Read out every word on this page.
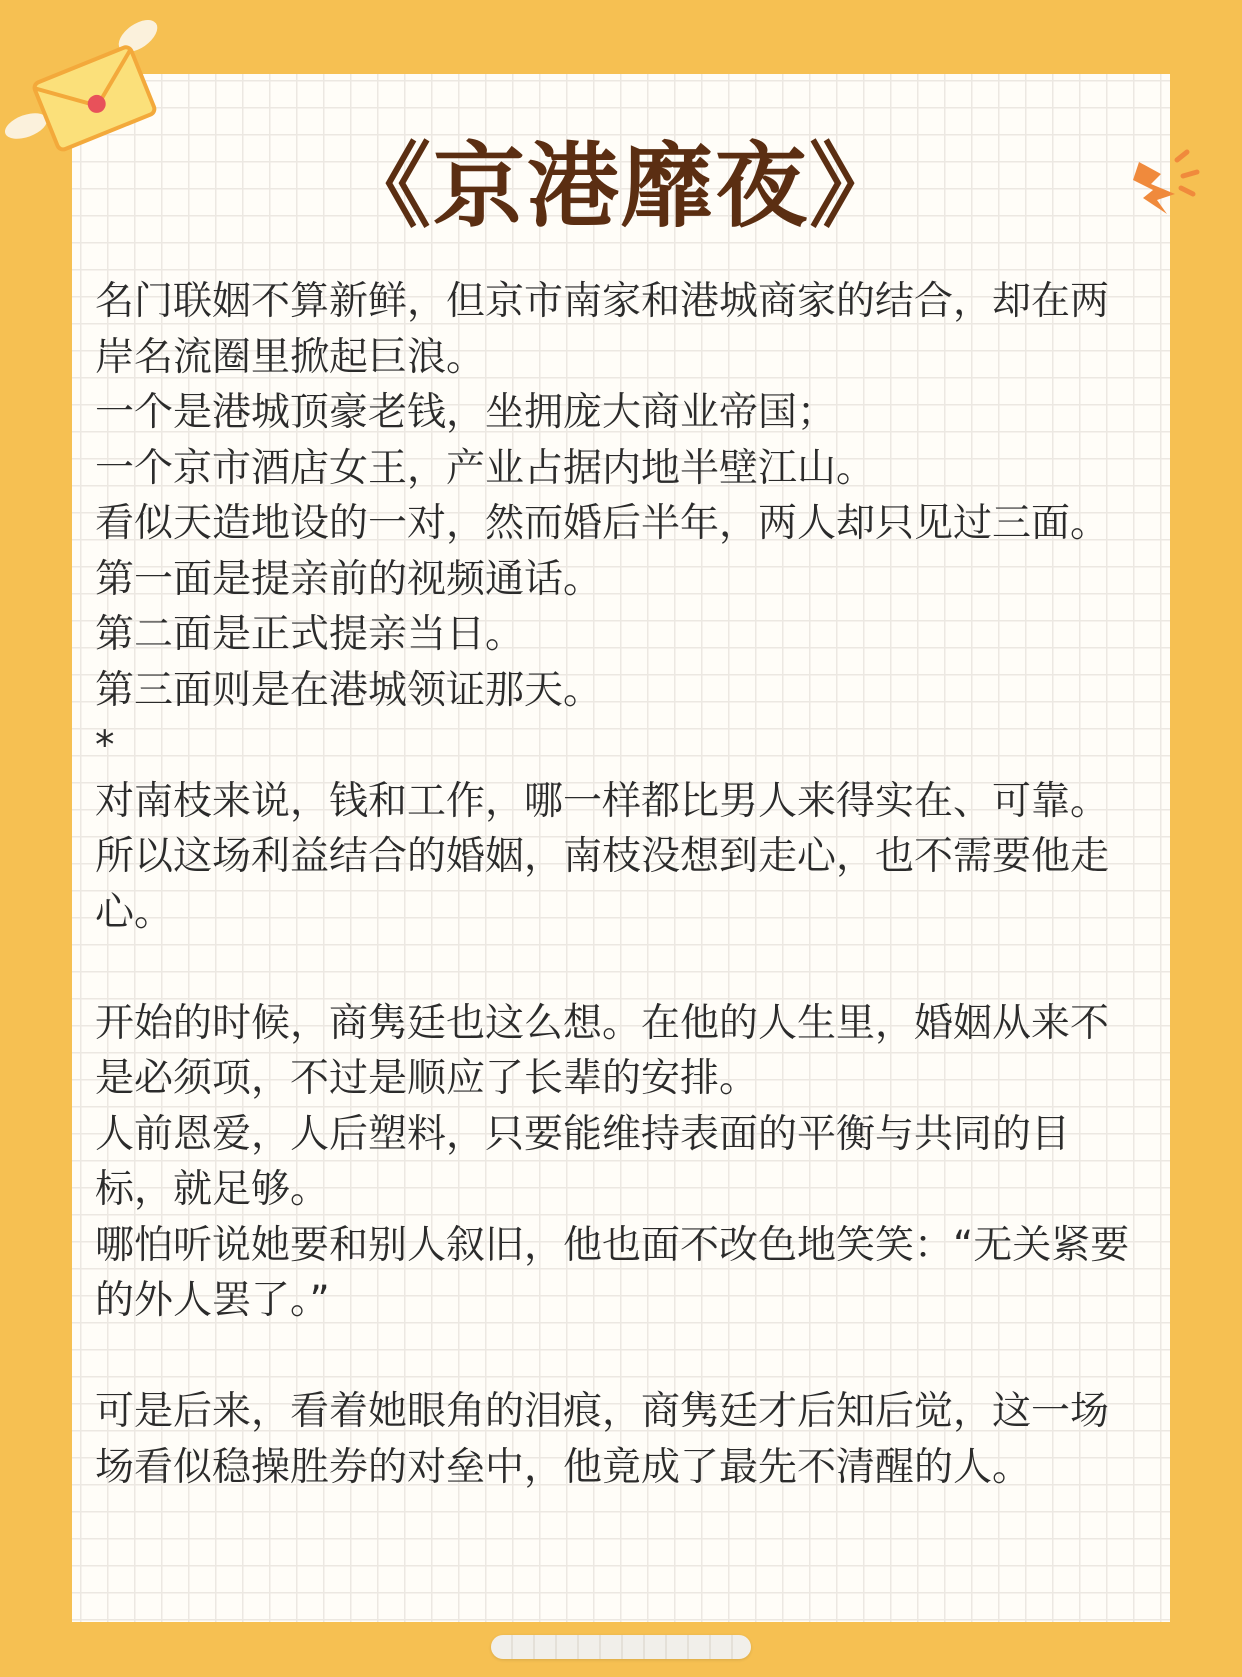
《京港靡夜》

名门联姻不算新鲜，但京市南家和港城商家的结合，却在两岸名流圈里掀起巨浪。

一个是港城顶豪老钱，坐拥庞大商业帝国；

一个京市酒店女王，产业占据内地半壁江山。

看似天造地设的一对，然而婚后半年，两人却只见过三面。

第一面是提亲前的视频通话。

第二面是正式提亲当日。

第三面则是在港城领证那天。

*

对南枝来说，钱和工作，哪一样都比男人来得实在、可靠。所以这场利益结合的婚姻，南枝没想到走心，也不需要他走心。

开始的时候，商隽廷也这么想。在他的人生里，婚姻从来不是必须项，不过是顺应了长辈的安排。

人前恩爱，人后塑料，只要能维持表面的平衡与共同的目标，就足够。

哪怕听说她要和别人叙旧，他也面不改色地笑笑：“无关紧要的外人罢了。”

可是后来，看着她眼角的泪痕，商隽廷才后知后觉，这一场场看似稳操胜券的对垒中，他竟成了最先不清醒的人。
